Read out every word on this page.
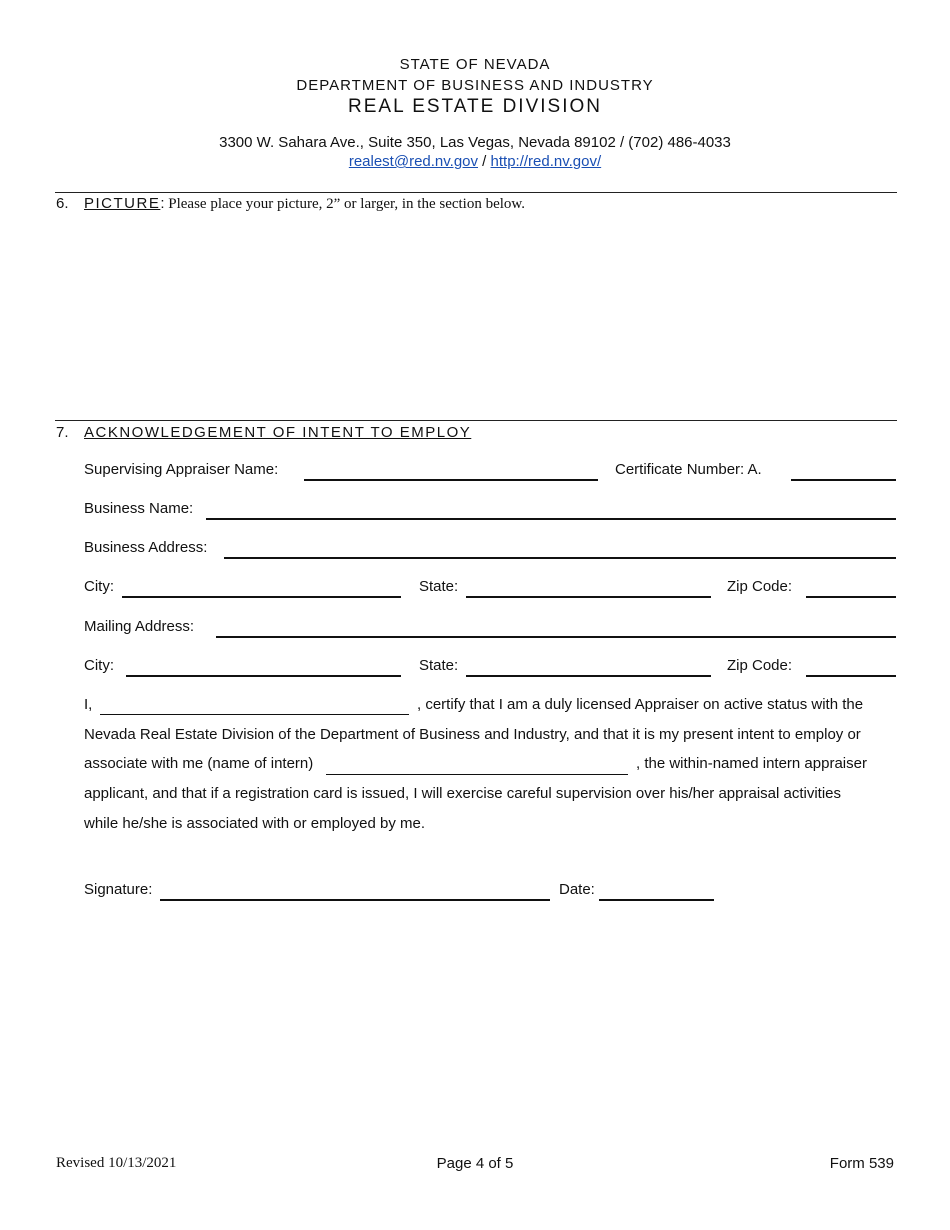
STATE OF NEVADA
DEPARTMENT OF BUSINESS AND INDUSTRY
REAL ESTATE DIVISION
3300 W. Sahara Ave., Suite 350, Las Vegas, Nevada 89102 / (702) 486-4033
realest@red.nv.gov / http://red.nv.gov/
6. PICTURE: Please place your picture, 2” or larger, in the section below.
7. ACKNOWLEDGEMENT OF INTENT TO EMPLOY
Supervising Appraiser Name:	Certificate Number: A.
Business Name:
Business Address:
City:	State:	Zip Code:
Mailing Address:
City:	State:	Zip Code:
I,	, certify that I am a duly licensed Appraiser on active status with the
Nevada Real Estate Division of the Department of Business and Industry, and that it is my present intent to employ or
associate with me (name of intern)	, the within-named intern appraiser
applicant, and that if a registration card is issued, I will exercise careful supervision over his/her appraisal activities
while he/she is associated with or employed by me.
Signature:	Date:
Revised 10/13/2021	Page 4 of 5	Form 539
